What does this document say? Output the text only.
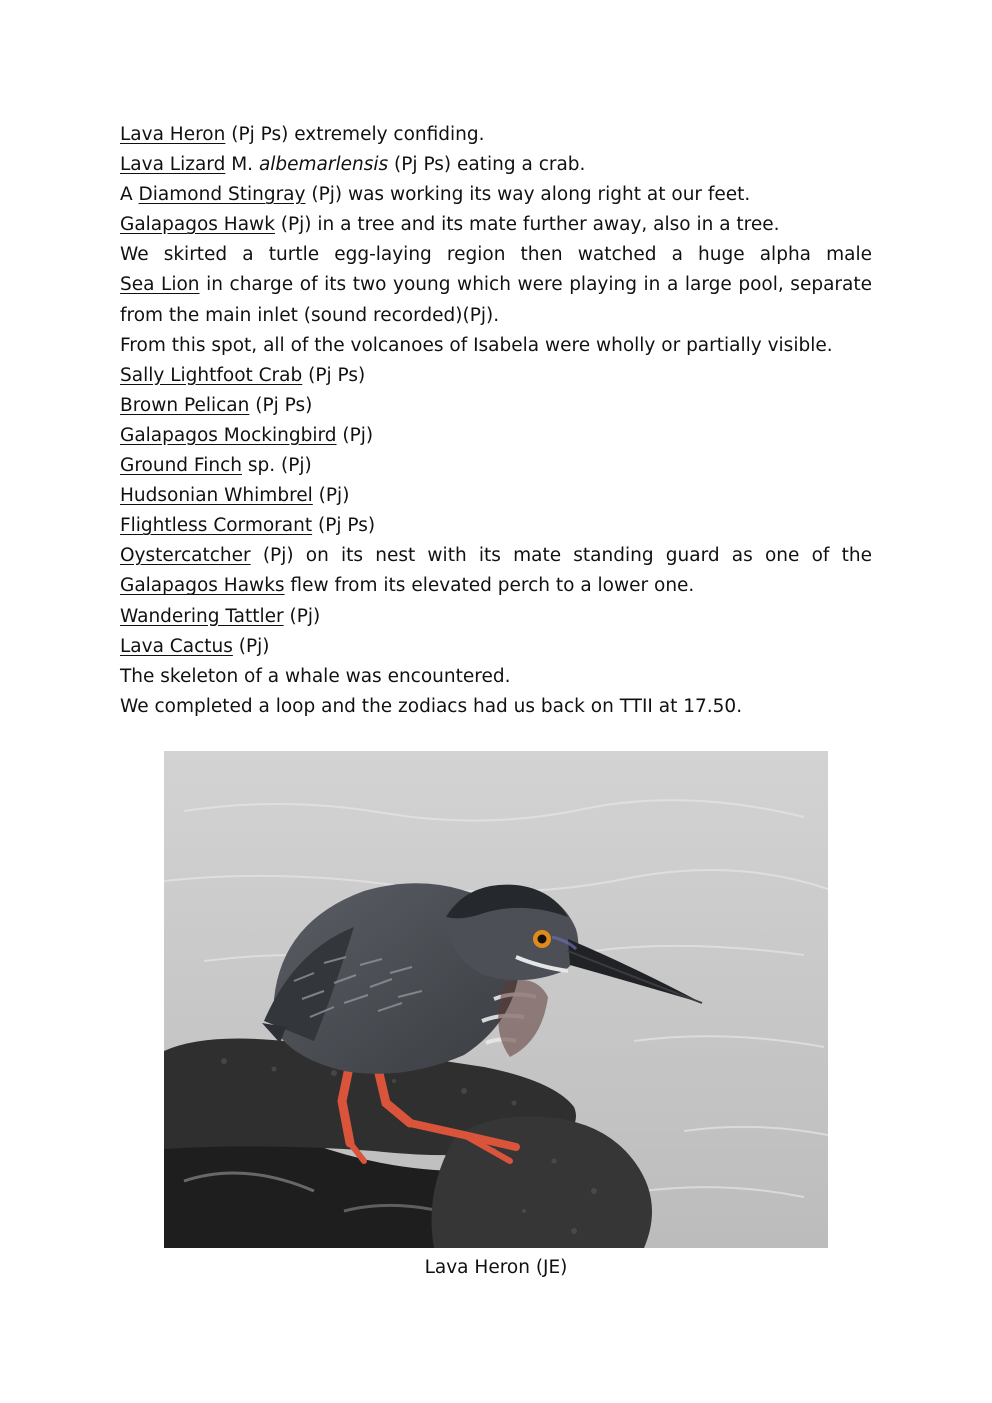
Lava Heron (Pj Ps) extremely confiding.
Lava Lizard M. albemarlensis (Pj Ps) eating a crab.
A Diamond Stingray (Pj) was working its way along right at our feet.
Galapagos Hawk (Pj) in a tree and its mate further away, also in a tree.
We skirted a turtle egg-laying region then watched a huge alpha male
Sea Lion in charge of its two young which were playing in a large pool, separate
from the main inlet (sound recorded)(Pj).
From this spot, all of the volcanoes of Isabela were wholly or partially visible.
Sally Lightfoot Crab (Pj Ps)
Brown Pelican (Pj Ps)
Galapagos Mockingbird (Pj)
Ground Finch sp. (Pj)
Hudsonian Whimbrel (Pj)
Flightless Cormorant (Pj Ps)
Oystercatcher (Pj) on its nest with its mate standing guard as one of the
Galapagos Hawks flew from its elevated perch to a lower one.
Wandering Tattler (Pj)
Lava Cactus (Pj)
The skeleton of a whale was encountered.
We completed a loop and the zodiacs had us back on TTII at 17.50.
Lava Heron (JE)
